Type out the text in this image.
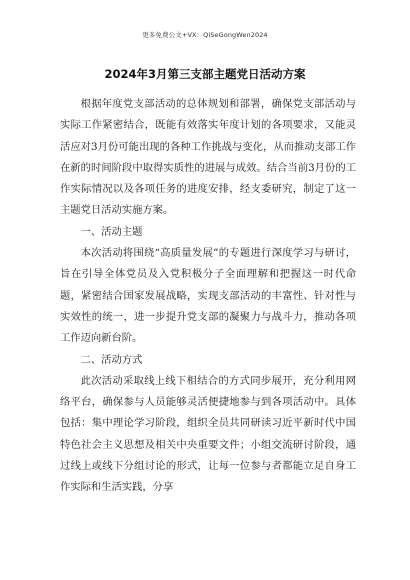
更多免费公文+VX：QiSeGongWen2024
2024年3月第三支部主题党日活动方案

根据年度党支部活动的总体规划和部署，确保党支部活动与实际工作紧密结合，既能有效落实年度计划的各项要求，又能灵活应对3月份可能出现的各种工作挑战与变化，从而推动支部工作在新的时间阶段中取得实质性的进展与成效。结合当前3月份的工作实际情况以及各项任务的进度安排，经支委研究，制定了这一主题党日活动实施方案。

一、活动主题

本次活动将围绕“高质量发展”的专题进行深度学习与研讨，旨在引导全体党员及入党积极分子全面理解和把握这一时代命题，紧密结合国家发展战略，实现支部活动的丰富性、针对性与实效性的统一，进一步提升党支部的凝聚力与战斗力，推动各项工作迈向新台阶。

二、活动方式

此次活动采取线上线下相结合的方式同步展开，充分利用网络平台，确保参与人员能够灵活便捷地参与到各项活动中。具体包括：集中理论学习阶段，组织全员共同研读习近平新时代中国特色社会主义思想及相关中央重要文件；小组交流研讨阶段，通过线上或线下分组讨论的形式，让每一位参与者都能立足自身工作实际和生活实践，分享
